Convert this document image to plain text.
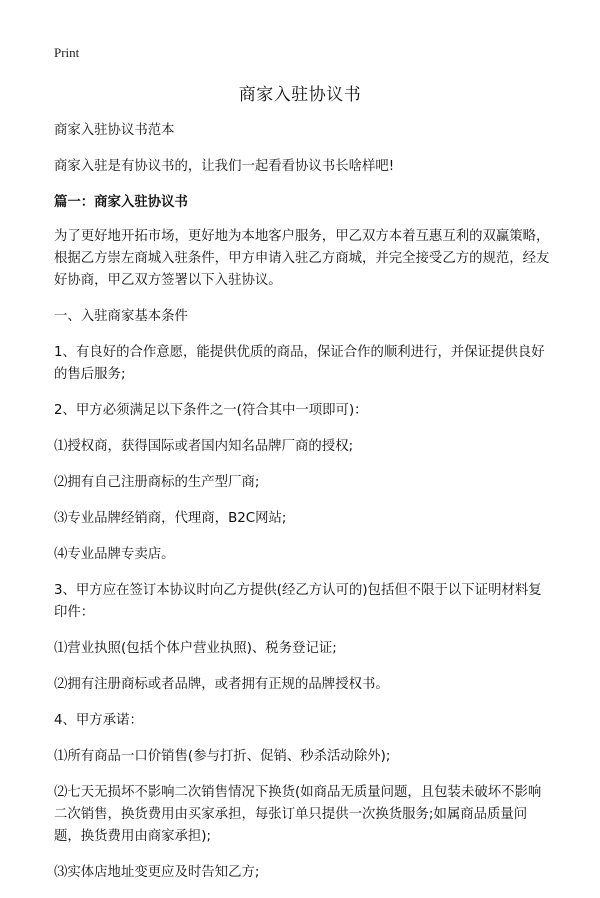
Print
商家入驻协议书

商家入驻协议书范本

商家入驻是有协议书的，让我们一起看看协议书长啥样吧!

篇一：商家入驻协议书

为了更好地开拓市场，更好地为本地客户服务，甲乙双方本着互惠互利的双赢策略，根据乙方崇左商城入驻条件，甲方申请入驻乙方商城，并完全接受乙方的规范，经友好协商，甲乙双方签署以下入驻协议。

一、入驻商家基本条件

1、有良好的合作意愿，能提供优质的商品，保证合作的顺利进行，并保证提供良好的售后服务;

2、甲方必须满足以下条件之一(符合其中一项即可)：

⑴授权商，获得国际或者国内知名品牌厂商的授权;

⑵拥有自己注册商标的生产型厂商;

⑶专业品牌经销商，代理商，B2C网站;

⑷专业品牌专卖店。

3、甲方应在签订本协议时向乙方提供(经乙方认可的)包括但不限于以下证明材料复印件：

⑴营业执照(包括个体户营业执照)、税务登记证;

⑵拥有注册商标或者品牌，或者拥有正规的品牌授权书。

4、甲方承诺：

⑴所有商品一口价销售(参与打折、促销、秒杀活动除外);

⑵七天无损坏不影响二次销售情况下换货(如商品无质量问题，且包装未破坏不影响二次销售，换货费用由买家承担，每张订单只提供一次换货服务;如属商品质量问题，换货费用由商家承担);

⑶实体店地址变更应及时告知乙方;
